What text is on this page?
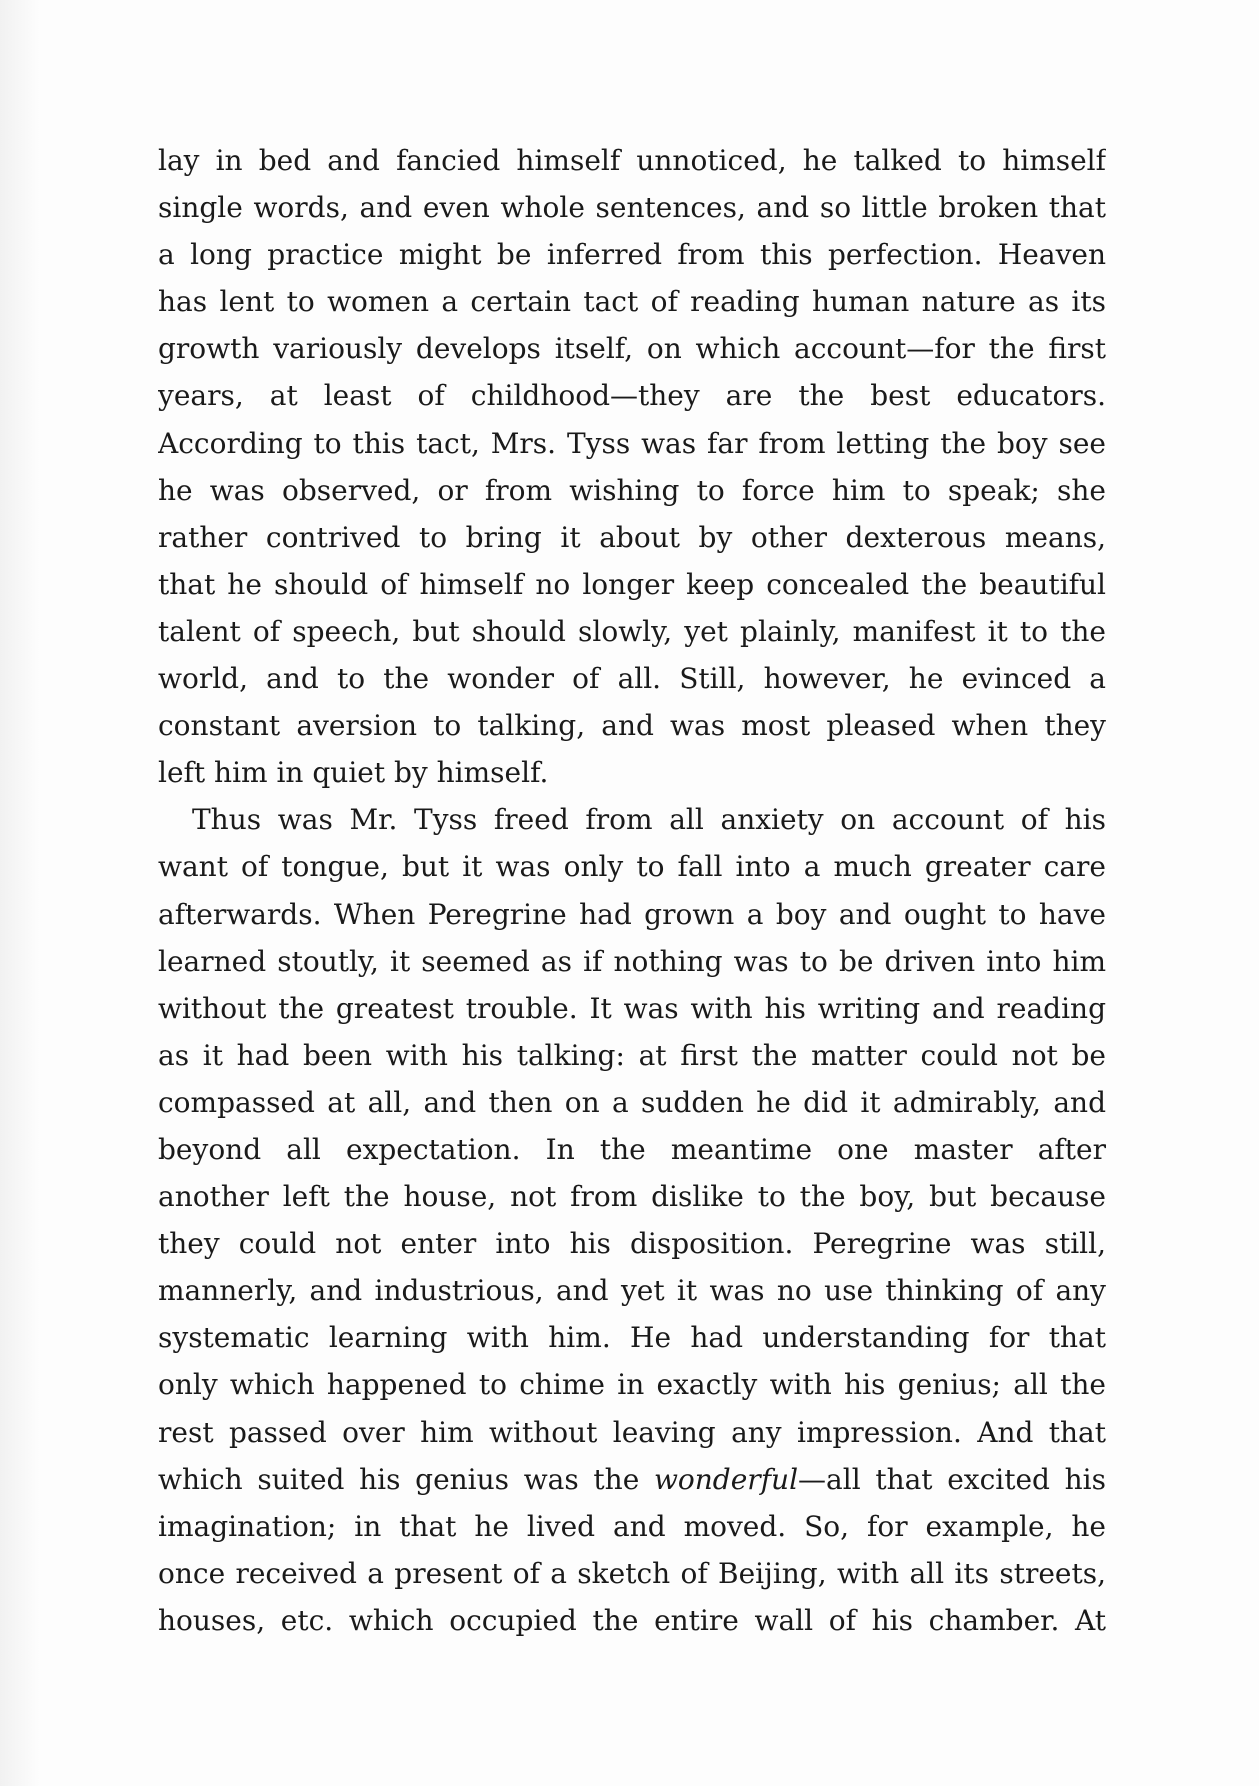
lay in bed and fancied himself unnoticed, he talked to himself
single words, and even whole sentences, and so little broken that
a long practice might be inferred from this perfection. Heaven
has lent to women a certain tact of reading human nature as its
growth variously develops itself, on which account—for the first
years, at least of childhood—they are the best educators.
According to this tact, Mrs. Tyss was far from letting the boy see
he was observed, or from wishing to force him to speak; she
rather contrived to bring it about by other dexterous means,
that he should of himself no longer keep concealed the beautiful
talent of speech, but should slowly, yet plainly, manifest it to the
world, and to the wonder of all. Still, however, he evinced a
constant aversion to talking, and was most pleased when they
left him in quiet by himself.
Thus was Mr. Tyss freed from all anxiety on account of his
want of tongue, but it was only to fall into a much greater care
afterwards. When Peregrine had grown a boy and ought to have
learned stoutly, it seemed as if nothing was to be driven into him
without the greatest trouble. It was with his writing and reading
as it had been with his talking: at first the matter could not be
compassed at all, and then on a sudden he did it admirably, and
beyond all expectation. In the meantime one master after
another left the house, not from dislike to the boy, but because
they could not enter into his disposition. Peregrine was still,
mannerly, and industrious, and yet it was no use thinking of any
systematic learning with him. He had understanding for that
only which happened to chime in exactly with his genius; all the
rest passed over him without leaving any impression. And that
which suited his genius was the wonderful—all that excited his
imagination; in that he lived and moved. So, for example, he
once received a present of a sketch of Beijing, with all its streets,
houses, etc. which occupied the entire wall of his chamber. At
